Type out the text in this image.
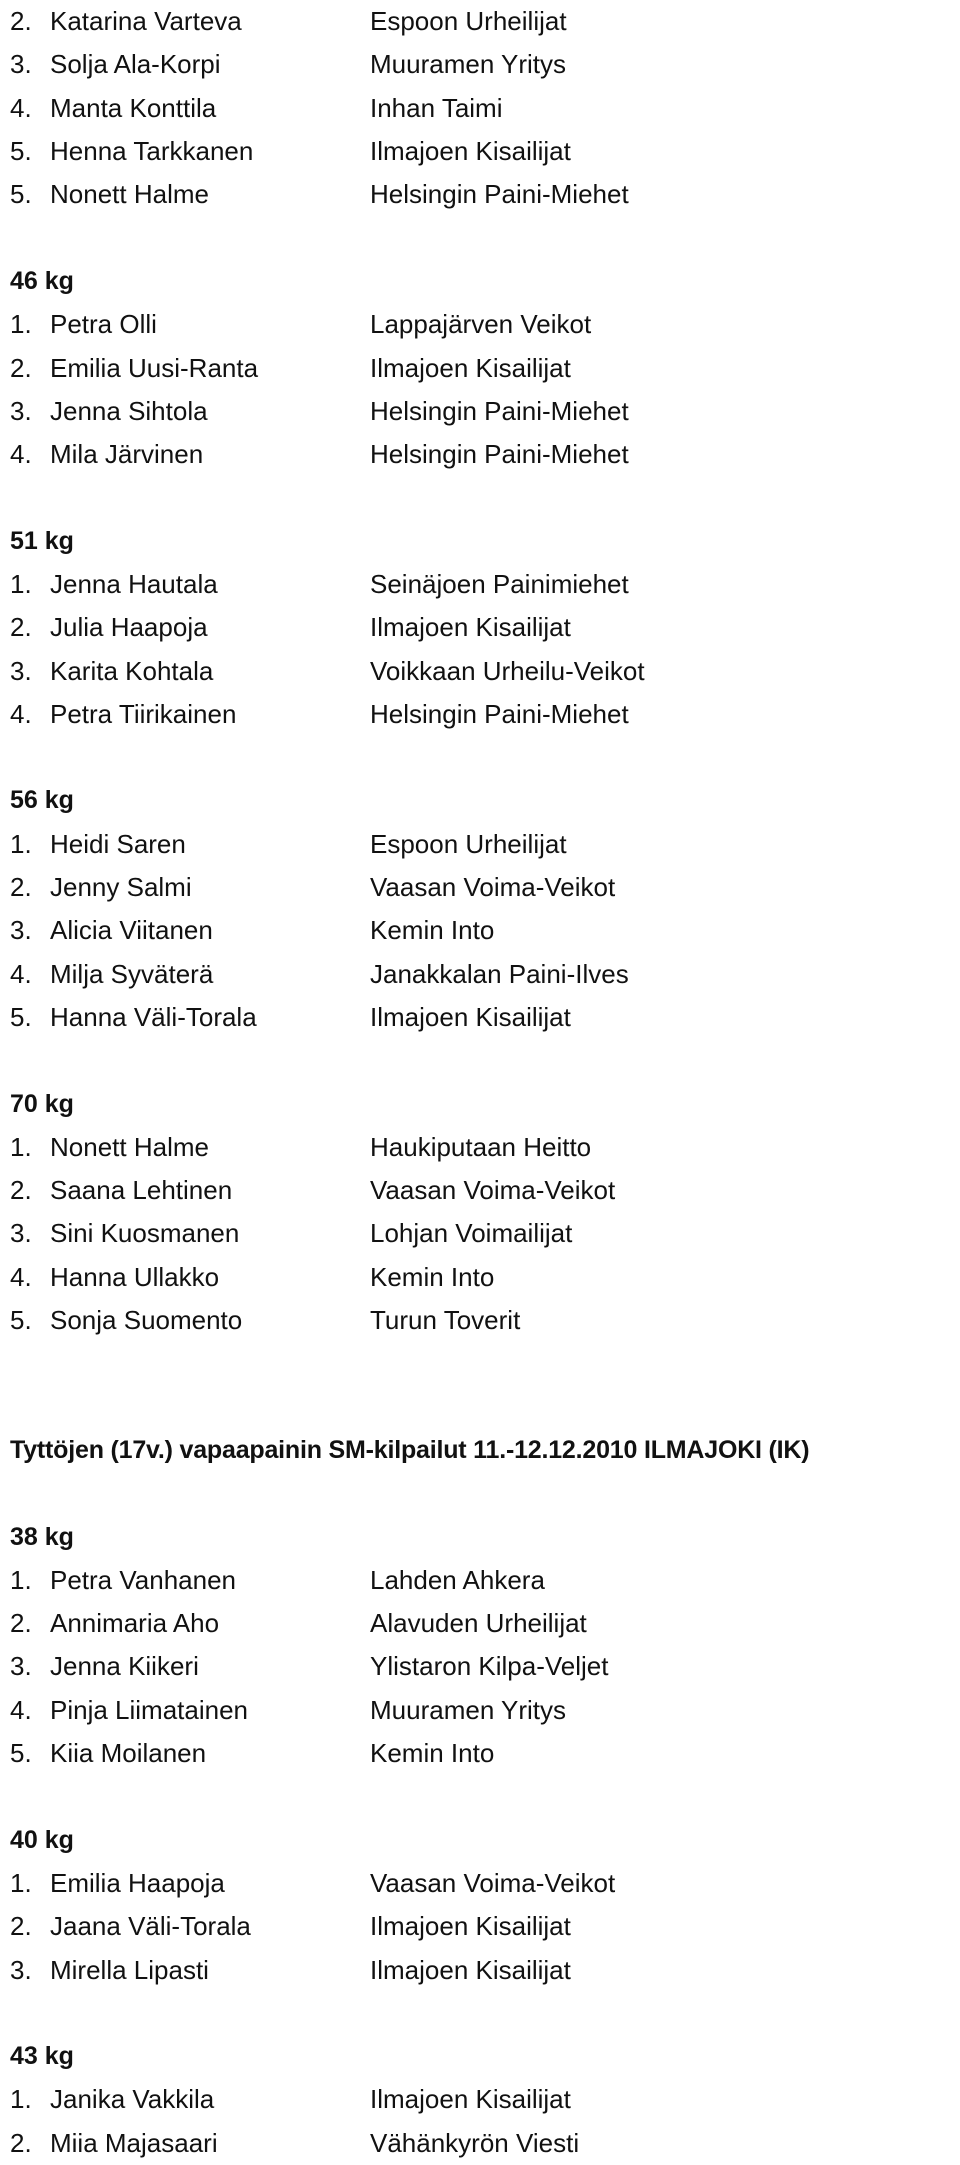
2. Katarina Varteva	Espoon Urheilijat
3. Solja Ala-Korpi	Muuramen Yritys
4. Manta Konttila	Inhan Taimi
5. Henna Tarkkanen	Ilmajoen Kisailijat
5. Nonett Halme	Helsingin Paini-Miehet
46 kg
1. Petra Olli	Lappajärven Veikot
2. Emilia Uusi-Ranta	Ilmajoen Kisailijat
3. Jenna Sihtola	Helsingin Paini-Miehet
4. Mila Järvinen	Helsingin Paini-Miehet
51 kg
1. Jenna Hautala	Seinäjoen Painimiehet
2. Julia Haapoja	Ilmajoen Kisailijat
3. Karita Kohtala	Voikkaan Urheilu-Veikot
4. Petra Tiirikainen	Helsingin Paini-Miehet
56 kg
1. Heidi Saren	Espoon Urheilijat
2. Jenny Salmi	Vaasan Voima-Veikot
3. Alicia Viitanen	Kemin Into
4. Milja Syväterä	Janakkalan Paini-Ilves
5. Hanna Väli-Torala	Ilmajoen Kisailijat
70 kg
1. Nonett Halme	Haukiputaan Heitto
2. Saana Lehtinen	Vaasan Voima-Veikot
3. Sini Kuosmanen	Lohjan Voimailijat
4. Hanna Ullakko	Kemin Into
5. Sonja Suomento	Turun Toverit
Tyttöjen (17v.) vapaapainin SM-kilpailut 11.-12.12.2010 ILMAJOKI (IK)
38 kg
1. Petra Vanhanen	Lahden Ahkera
2. Annimaria Aho	Alavuden Urheilijat
3. Jenna Kiikeri	Ylistaron Kilpa-Veljet
4. Pinja Liimatainen	Muuramen Yritys
5. Kiia Moilanen	Kemin Into
40 kg
1. Emilia Haapoja	Vaasan Voima-Veikot
2. Jaana Väli-Torala	Ilmajoen Kisailijat
3. Mirella Lipasti	Ilmajoen Kisailijat
43 kg
1. Janika Vakkila	Ilmajoen Kisailijat
2. Miia Majasaari	Vähänkyrön Viesti
